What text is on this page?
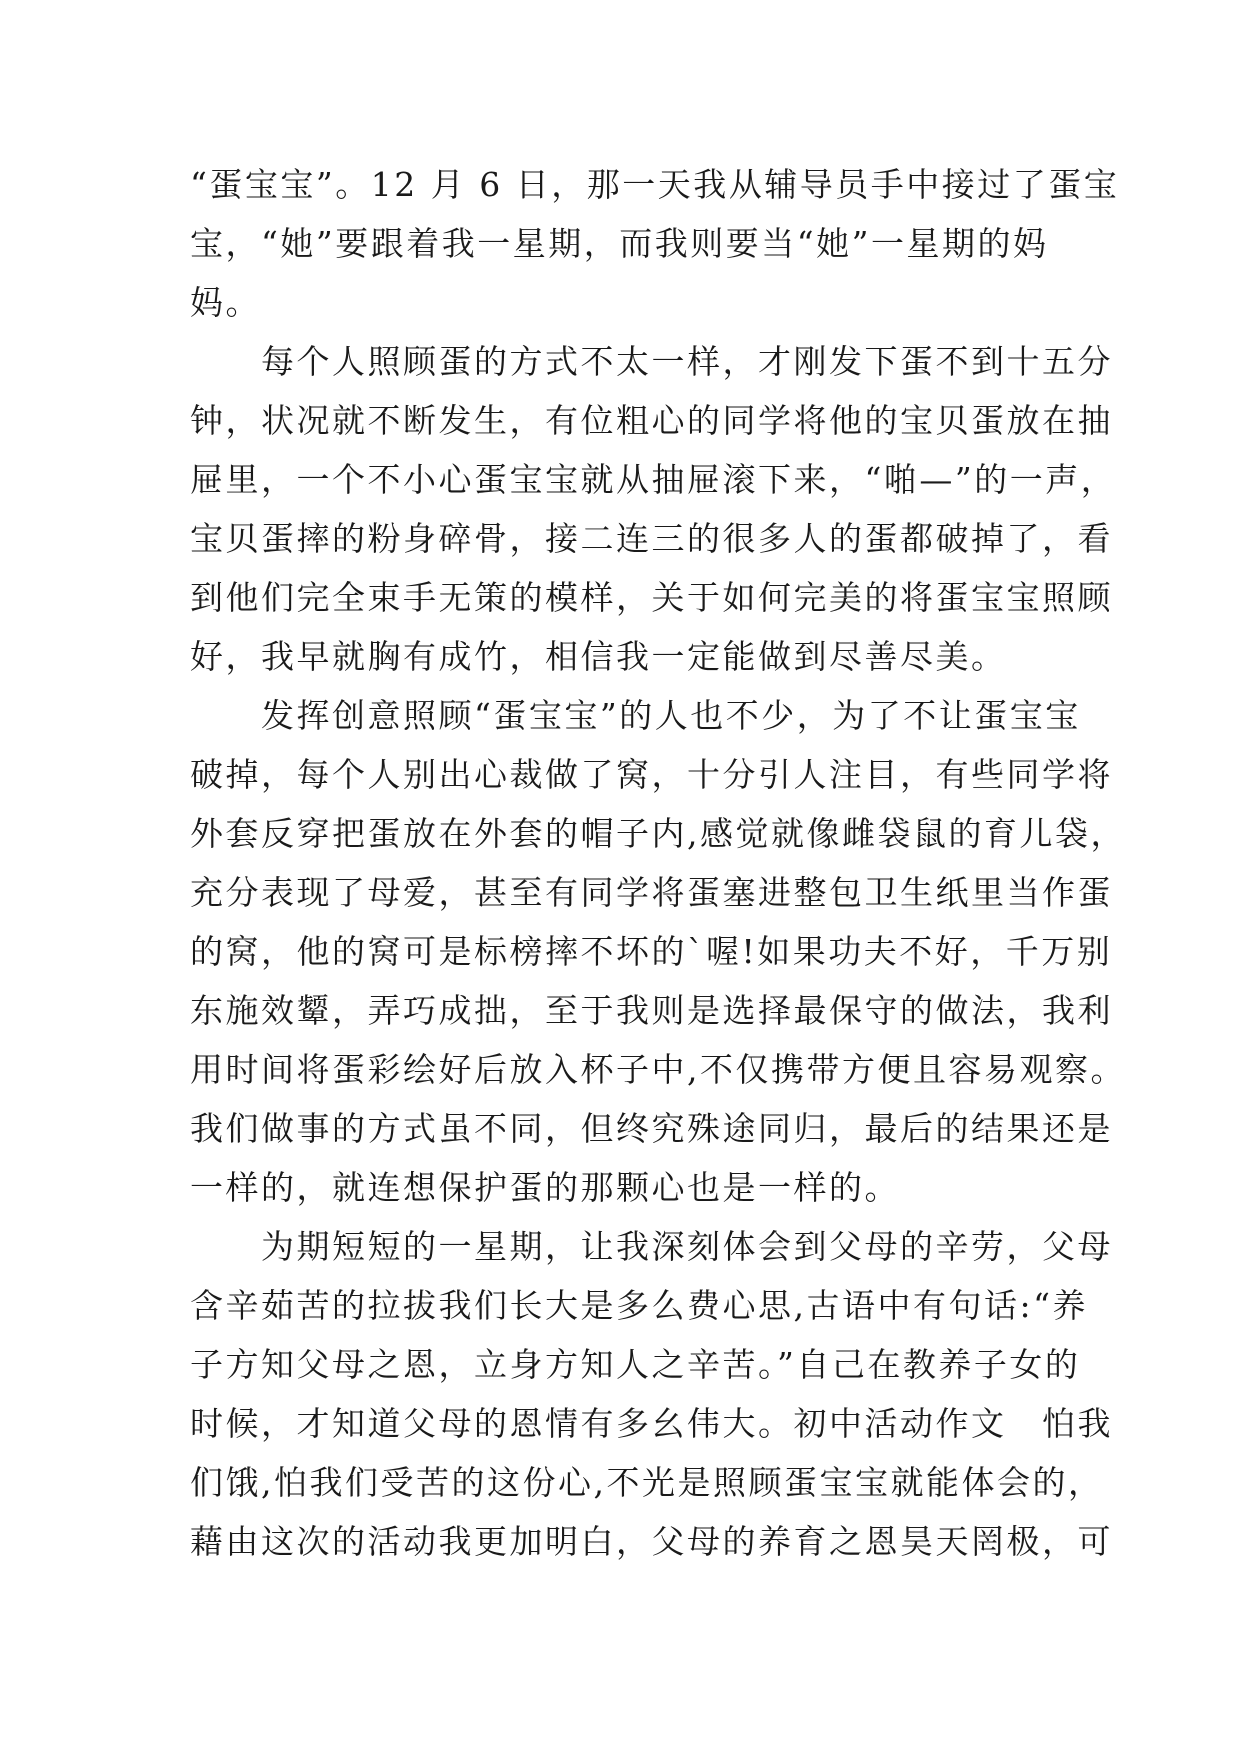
“蛋宝宝”。12 月 6 日，那一天我从辅导员手中接过了蛋宝
宝，“她”要跟着我一星期，而我则要当“她”一星期的妈
妈。
　　每个人照顾蛋的方式不太一样，才刚发下蛋不到十五分
钟，状况就不断发生，有位粗心的同学将他的宝贝蛋放在抽
屉里，一个不小心蛋宝宝就从抽屉滚下来，“啪—”的一声，
宝贝蛋摔的粉身碎骨，接二连三的很多人的蛋都破掉了，看
到他们完全束手无策的模样，关于如何完美的将蛋宝宝照顾
好，我早就胸有成竹，相信我一定能做到尽善尽美。
　　发挥创意照顾“蛋宝宝”的人也不少，为了不让蛋宝宝
破掉，每个人别出心裁做了窝，十分引人注目，有些同学将
外套反穿把蛋放在外套的帽子内,感觉就像雌袋鼠的育儿袋，
充分表现了母爱，甚至有同学将蛋塞进整包卫生纸里当作蛋
的窝，他的窝可是标榜摔不坏的`喔!如果功夫不好，千万别
东施效颦，弄巧成拙，至于我则是选择最保守的做法，我利
用时间将蛋彩绘好后放入杯子中,不仅携带方便且容易观察。
我们做事的方式虽不同，但终究殊途同归，最后的结果还是
一样的，就连想保护蛋的那颗心也是一样的。
　　为期短短的一星期，让我深刻体会到父母的辛劳，父母
含辛茹苦的拉拔我们长大是多么费心思,古语中有句话:“养
子方知父母之恩，立身方知人之辛苦。”自己在教养子女的
时候，才知道父母的恩情有多幺伟大。初中活动作文　怕我
们饿,怕我们受苦的这份心,不光是照顾蛋宝宝就能体会的，
藉由这次的活动我更加明白，父母的养育之恩昊天罔极，可
